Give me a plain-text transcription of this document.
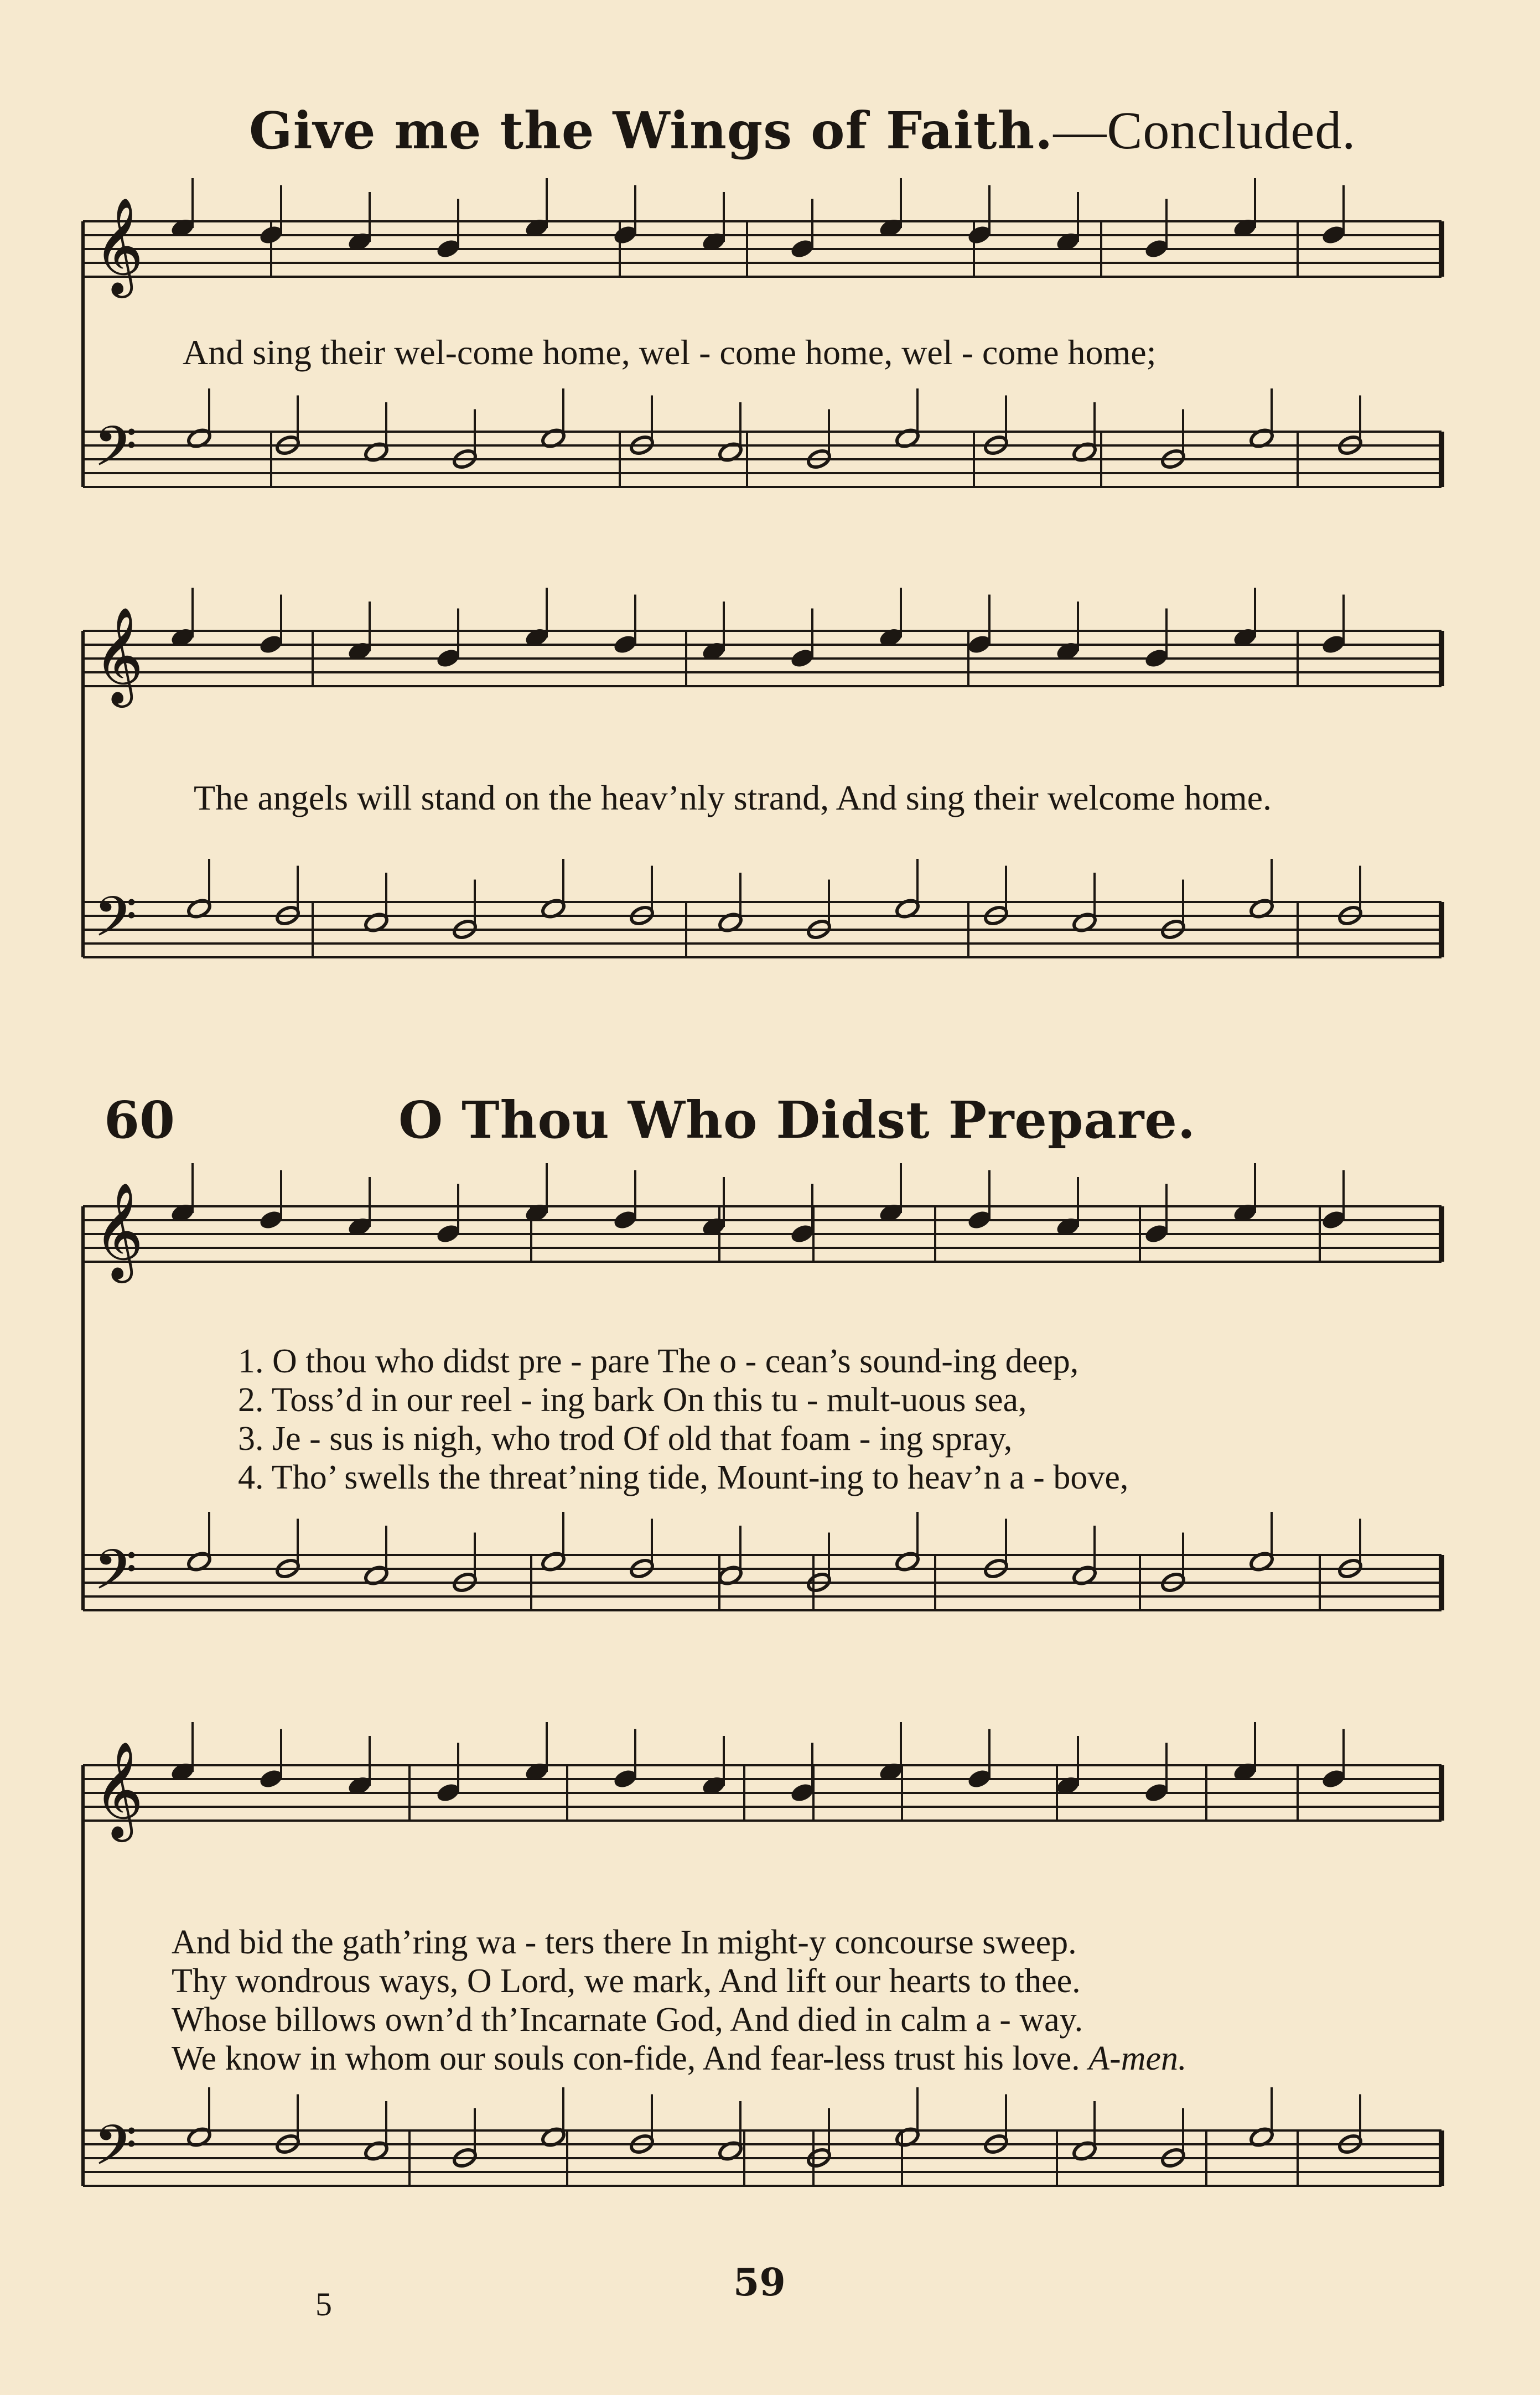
𝄞
𝄢
𝄞
𝄢
𝄞
𝄢
𝄞
𝄢
Give me the Wings of Faith.—Concluded.
And sing their wel-come home, wel - come home, wel - come home;
The angels will stand on the heav’nly strand, And sing their welcome home.
60	O Thou Who Didst Prepare.
1. O thou who didst pre - pare The o - cean’s sound-ing deep,
2. Toss’d in our reel - ing bark On this tu - mult-uous sea,
3. Je - sus is nigh, who trod Of old that foam - ing spray,
4. Tho’ swells the threat’ning tide, Mount-ing to heav’n a - bove,
And bid the gath’ring wa - ters there In might-y concourse sweep.
Thy wondrous ways, O Lord, we mark, And lift our hearts to thee.
Whose billows own’d th’Incarnate God, And died in calm a - way.
We know in whom our souls con-fide, And fear-less trust his love. A-men.
59
5
